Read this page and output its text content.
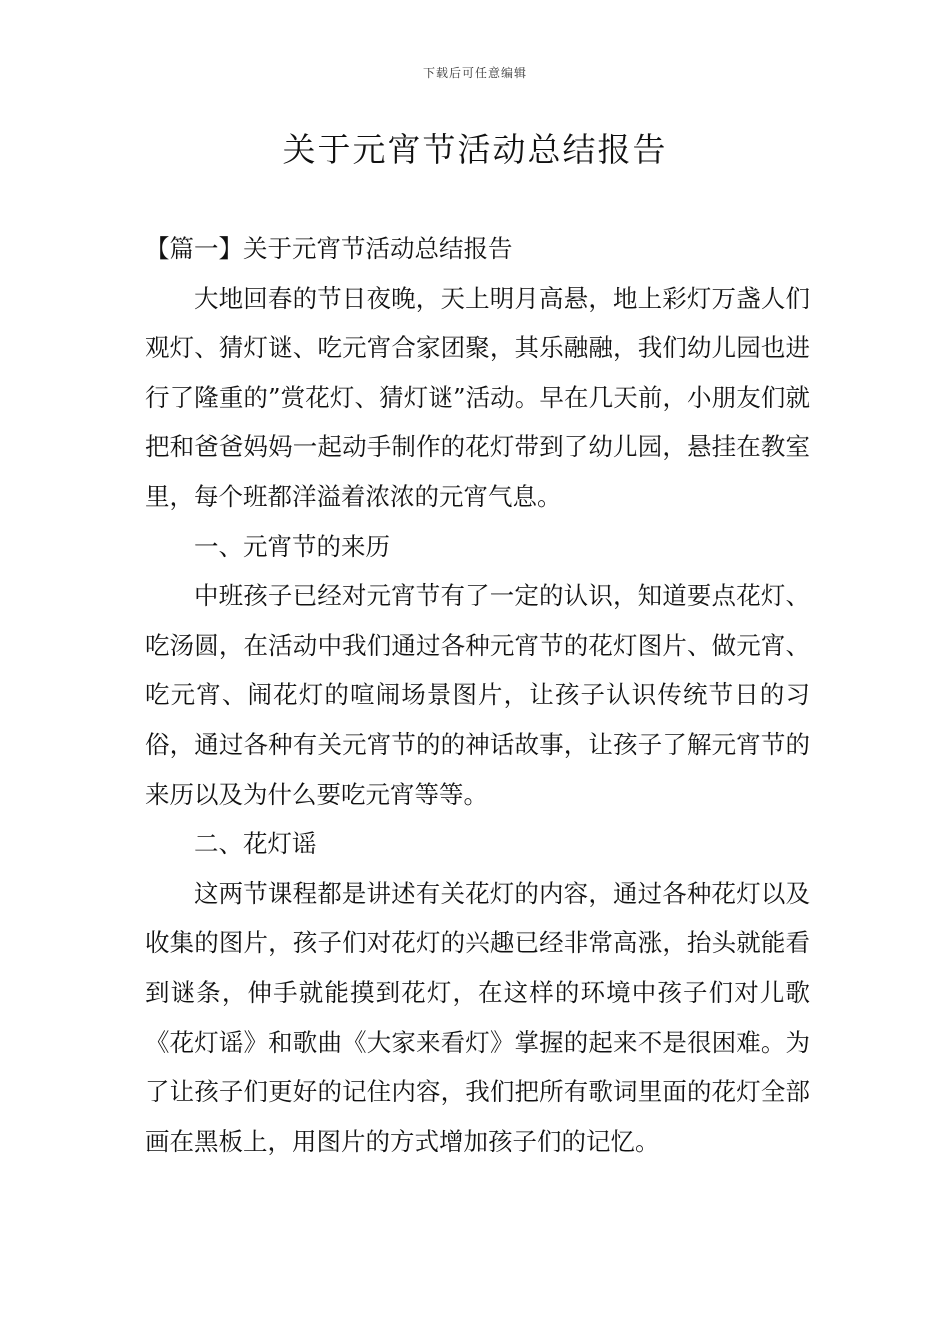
下载后可任意编辑
关于元宵节活动总结报告

【篇一】关于元宵节活动总结报告

大地回春的节日夜晚，天上明月高悬，地上彩灯万盏人们观灯、猜灯谜、吃元宵合家团聚，其乐融融，我们幼儿园也进行了隆重的”赏花灯、猜灯谜”活动。早在几天前，小朋友们就把和爸爸妈妈一起动手制作的花灯带到了幼儿园，悬挂在教室里，每个班都洋溢着浓浓的元宵气息。

一、元宵节的来历

中班孩子已经对元宵节有了一定的认识，知道要点花灯、吃汤圆，在活动中我们通过各种元宵节的花灯图片、做元宵、吃元宵、闹花灯的喧闹场景图片，让孩子认识传统节日的习俗，通过各种有关元宵节的的神话故事，让孩子了解元宵节的来历以及为什么要吃元宵等等。

二、花灯谣

这两节课程都是讲述有关花灯的内容，通过各种花灯以及收集的图片，孩子们对花灯的兴趣已经非常高涨，抬头就能看到谜条，伸手就能摸到花灯，在这样的环境中孩子们对儿歌《花灯谣》和歌曲《大家来看灯》掌握的起来不是很困难。为了让孩子们更好的记住内容，我们把所有歌词里面的花灯全部画在黑板上，用图片的方式增加孩子们的记忆。
